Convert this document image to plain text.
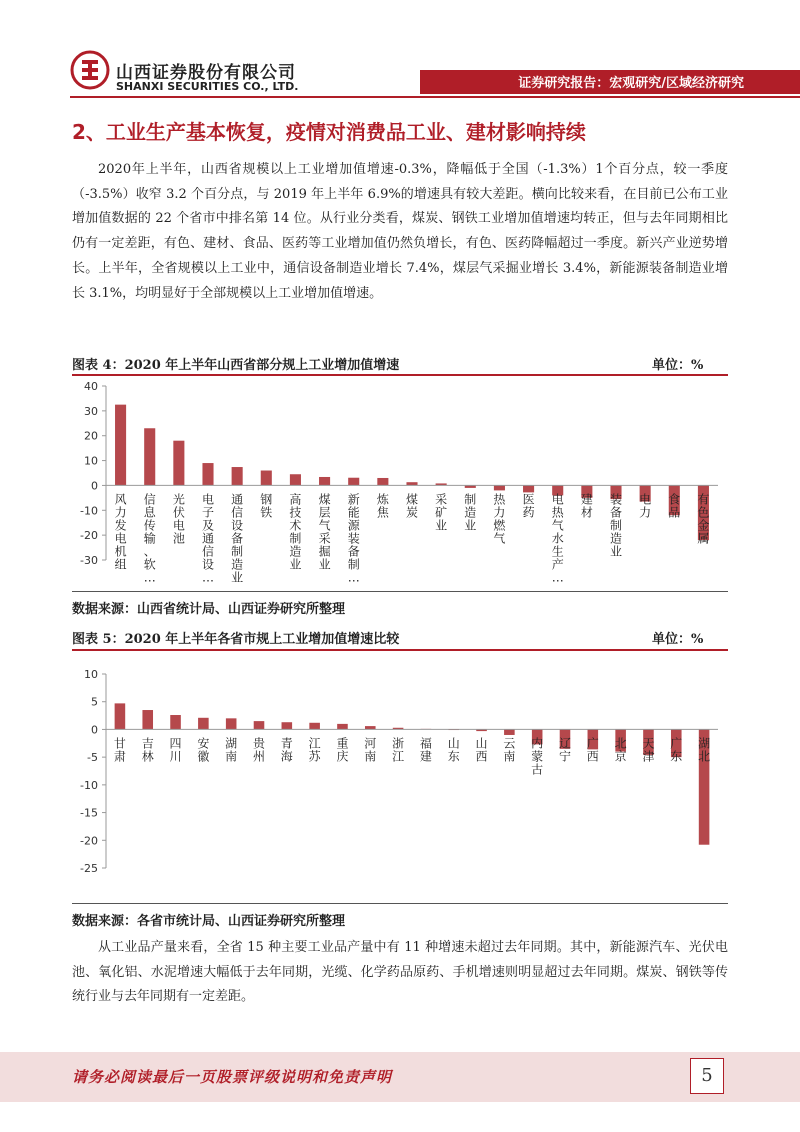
山西证券股份有限公司
SHANXI SECURITIES CO., LTD.	证券研究报告：宏观研究/区域经济研究
2、工业生产基本恢复，疫情对消费品工业、建材影响持续

2020年上半年，山西省规模以上工业增加值增速-0.3%，降幅低于全国（-1.3%）1个百分点，较一季度（-3.5%）收窄 3.2 个百分点，与 2019 年上半年 6.9%的增速具有较大差距。横向比较来看，在目前已公布工业增加值数据的 22 个省市中排名第 14 位。从行业分类看，煤炭、钢铁工业增加值增速均转正，但与去年同期相比仍有一定差距，有色、建材、食品、医药等工业增加值仍然负增长，有色、医药降幅超过一季度。新兴产业逆势增长。上半年，全省规模以上工业中，通信设备制造业增长 7.4%，煤层气采掘业增长 3.4%，新能源装备制造业增长 3.1%，均明显好于全部规模以上工业增加值增速。

图表 4：2020 年上半年山西省部分规上工业增加值增速	单位：%
40
30
20
10
0
-10
-20
-30
风力发电机组
信息传输、软…
光伏电池
电子及通信设…
通信设备制造业
钢铁
高技术制造业
煤层气采掘业
新能源装备制…
炼焦
煤炭
采矿业
制造业
热力燃气
医药
电热气水生产…
建材
装备制造业
电力
食品
有色金属
数据来源：山西省统计局、山西证券研究所整理
图表 5：2020 年上半年各省市规上工业增加值增速比较	单位：%
10
5
0
-5
-10
-15
-20
-25
甘肃
吉林
四川
安徽
湖南
贵州
青海
江苏
重庆
河南
浙江
福建
山东
山西
云南
内蒙古
辽宁
广西
北京
天津
广东
湖北
数据来源：各省市统计局、山西证券研究所整理

从工业品产量来看，全省 15 种主要工业品产量中有 11 种增速未超过去年同期。其中，新能源汽车、光伏电池、氧化铝、水泥增速大幅低于去年同期，光缆、化学药品原药、手机增速则明显超过去年同期。煤炭、钢铁等传统行业与去年同期有一定差距。

请务必阅读最后一页股票评级说明和免责声明	5
